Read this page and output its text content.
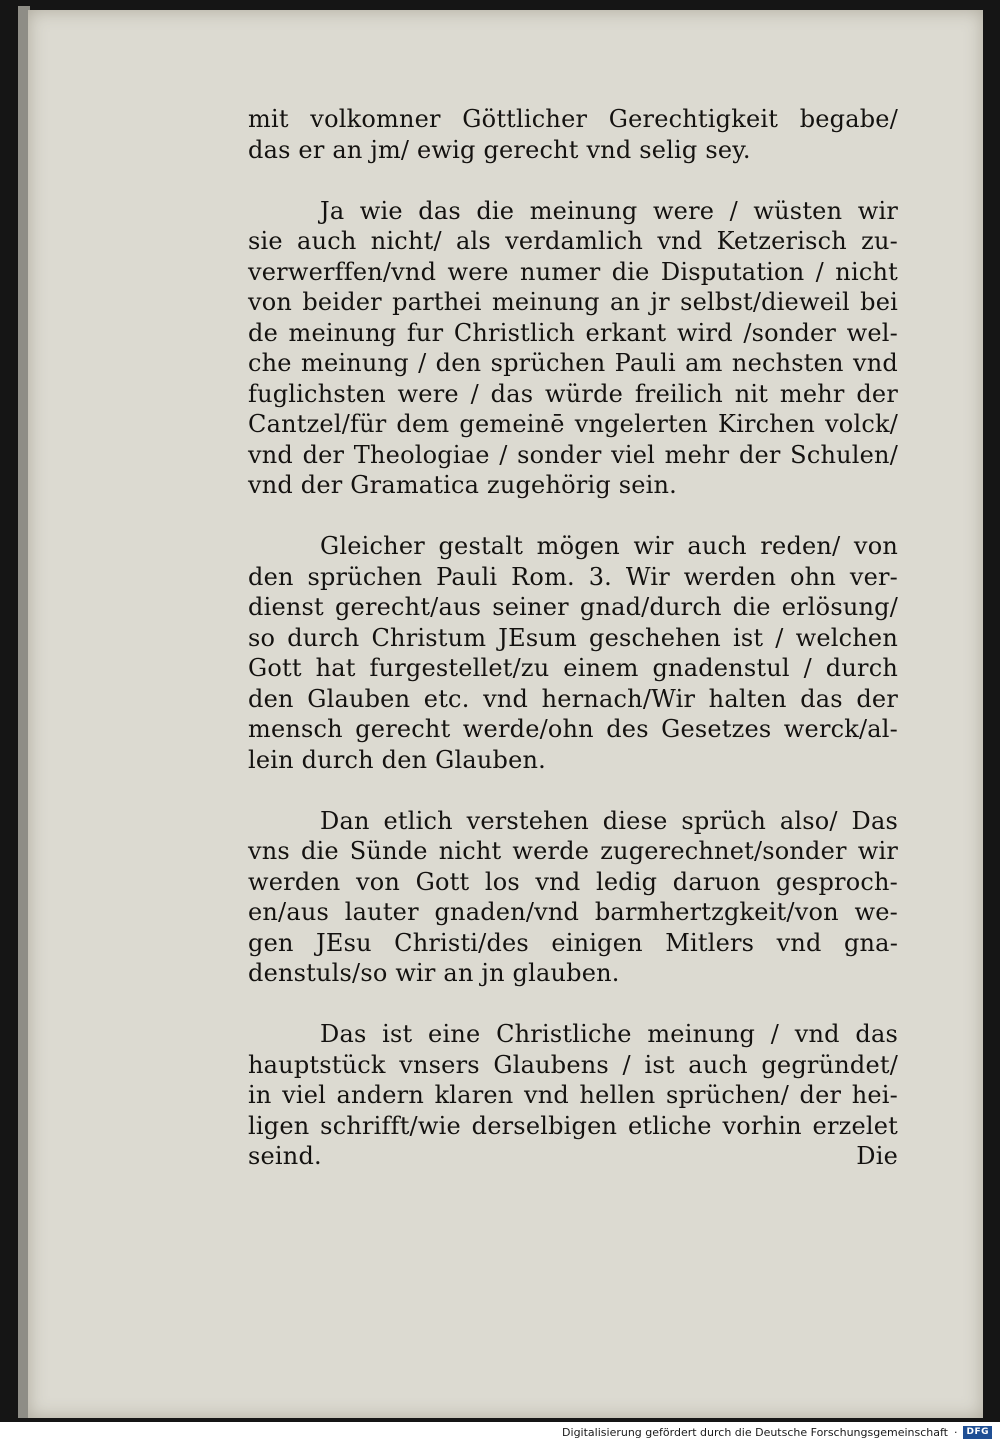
mit volkomner Göttlicher Gerechtigkeit begabe/
das er an jm/ ewig gerecht vnd selig sey.
Ja wie das die meinung were / wüsten wir
sie auch nicht/ als verdamlich vnd Ketzerisch zu-
verwerffen/vnd were numer die Disputation / nicht
von beider parthei meinung an jr selbst/dieweil bei
de meinung fur Christlich erkant wird /sonder wel-
che meinung / den sprüchen Pauli am nechsten vnd
fuglichsten were / das würde freilich nit mehr der
Cantzel/für dem gemeinē vngelerten Kirchen volck/
vnd der Theologiae / sonder viel mehr der Schulen/
vnd der Gramatica zugehörig sein.
Gleicher gestalt mögen wir auch reden/ von
den sprüchen Pauli Rom. 3. Wir werden ohn ver-
dienst gerecht/aus seiner gnad/durch die erlösung/
so durch Christum JEsum geschehen ist / welchen
Gott hat furgestellet/zu einem gnadenstul / durch
den Glauben etc. vnd hernach/Wir halten das der
mensch gerecht werde/ohn des Gesetzes werck/al-
lein durch den Glauben.
Dan etlich verstehen diese sprüch also/ Das
vns die Sünde nicht werde zugerechnet/sonder wir
werden von Gott los vnd ledig daruon gesproch-
en/aus lauter gnaden/vnd barmhertzgkeit/von we-
gen JEsu Christi/des einigen Mitlers vnd gna-
denstuls/so wir an jn glauben.
Das ist eine Christliche meinung / vnd das
hauptstück vnsers Glaubens / ist auch gegründet/
in viel andern klaren vnd hellen sprüchen/ der hei-
ligen schrifft/wie derselbigen etliche vorhin erzelet
seind.	Die
Digitalisierung gefördert durch die Deutsche Forschungsgemeinschaft ·	DFG
